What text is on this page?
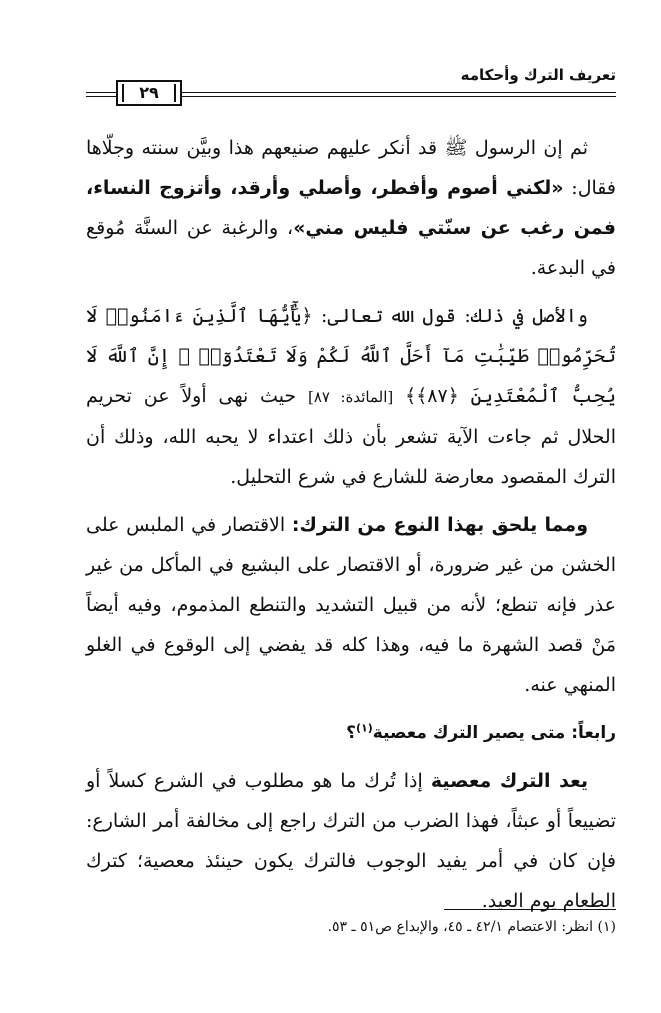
تعريف الترك وأحكامه
٢٩

ثم إن الرسول ﷺ قد أنكر عليهم صنيعهم هذا وبيَّن سنته وجلّاها فقال: «لكني أصوم وأفطر، وأصلي وأرقد، وأتزوج النساء، فمن رغب عن سنّتي فليس مني»، والرغبة عن السنَّة مُوقع في البدعة.

والأصل في ذلك: قول الله تعالى: ﴿يَٰٓأَيُّهَا ٱلَّذِينَ ءَامَنُوا۟ لَا تُحَرِّمُوا۟ طَيِّبَٰتِ مَآ أَحَلَّ ٱللَّهُ لَكُمْ وَلَا تَعْتَدُوٓا۟ ۚ إِنَّ ٱللَّهَ لَا يُحِبُّ ٱلْمُعْتَدِينَ ﴿٨٧﴾﴾ [المائدة: ٨٧] حيث نهى أولاً عن تحريم الحلال ثم جاءت الآية تشعر بأن ذلك اعتداء لا يحبه الله، وذلك أن الترك المقصود معارضة للشارع في شرع التحليل.

ومما يلحق بهذا النوع من الترك: الاقتصار في الملبس على الخشن من غير ضرورة، أو الاقتصار على البشيع في المأكل من غير عذر فإنه تنطع؛ لأنه من قبيل التشديد والتنطع المذموم، وفيه أيضاً مَنْ قصد الشهرة ما فيه، وهذا كله قد يفضي إلى الوقوع في الغلو المنهي عنه.

رابعاً: متى يصير الترك معصية$^{(١)}$؟

يعد الترك معصية إذا تُرك ما هو مطلوب في الشرع كسلاً أو تضييعاً أو عبثاً، فهذا الضرب من الترك راجع إلى مخالفة أمر الشارع: فإن كان في أمر يفيد الوجوب فالترك يكون حينئذ معصية؛ كترك الطعام يوم العيد.

(١) انظر: الاعتصام ٤٢/١ ـ ٤٥، والإبداع ص٥١ ـ ٥٣.
